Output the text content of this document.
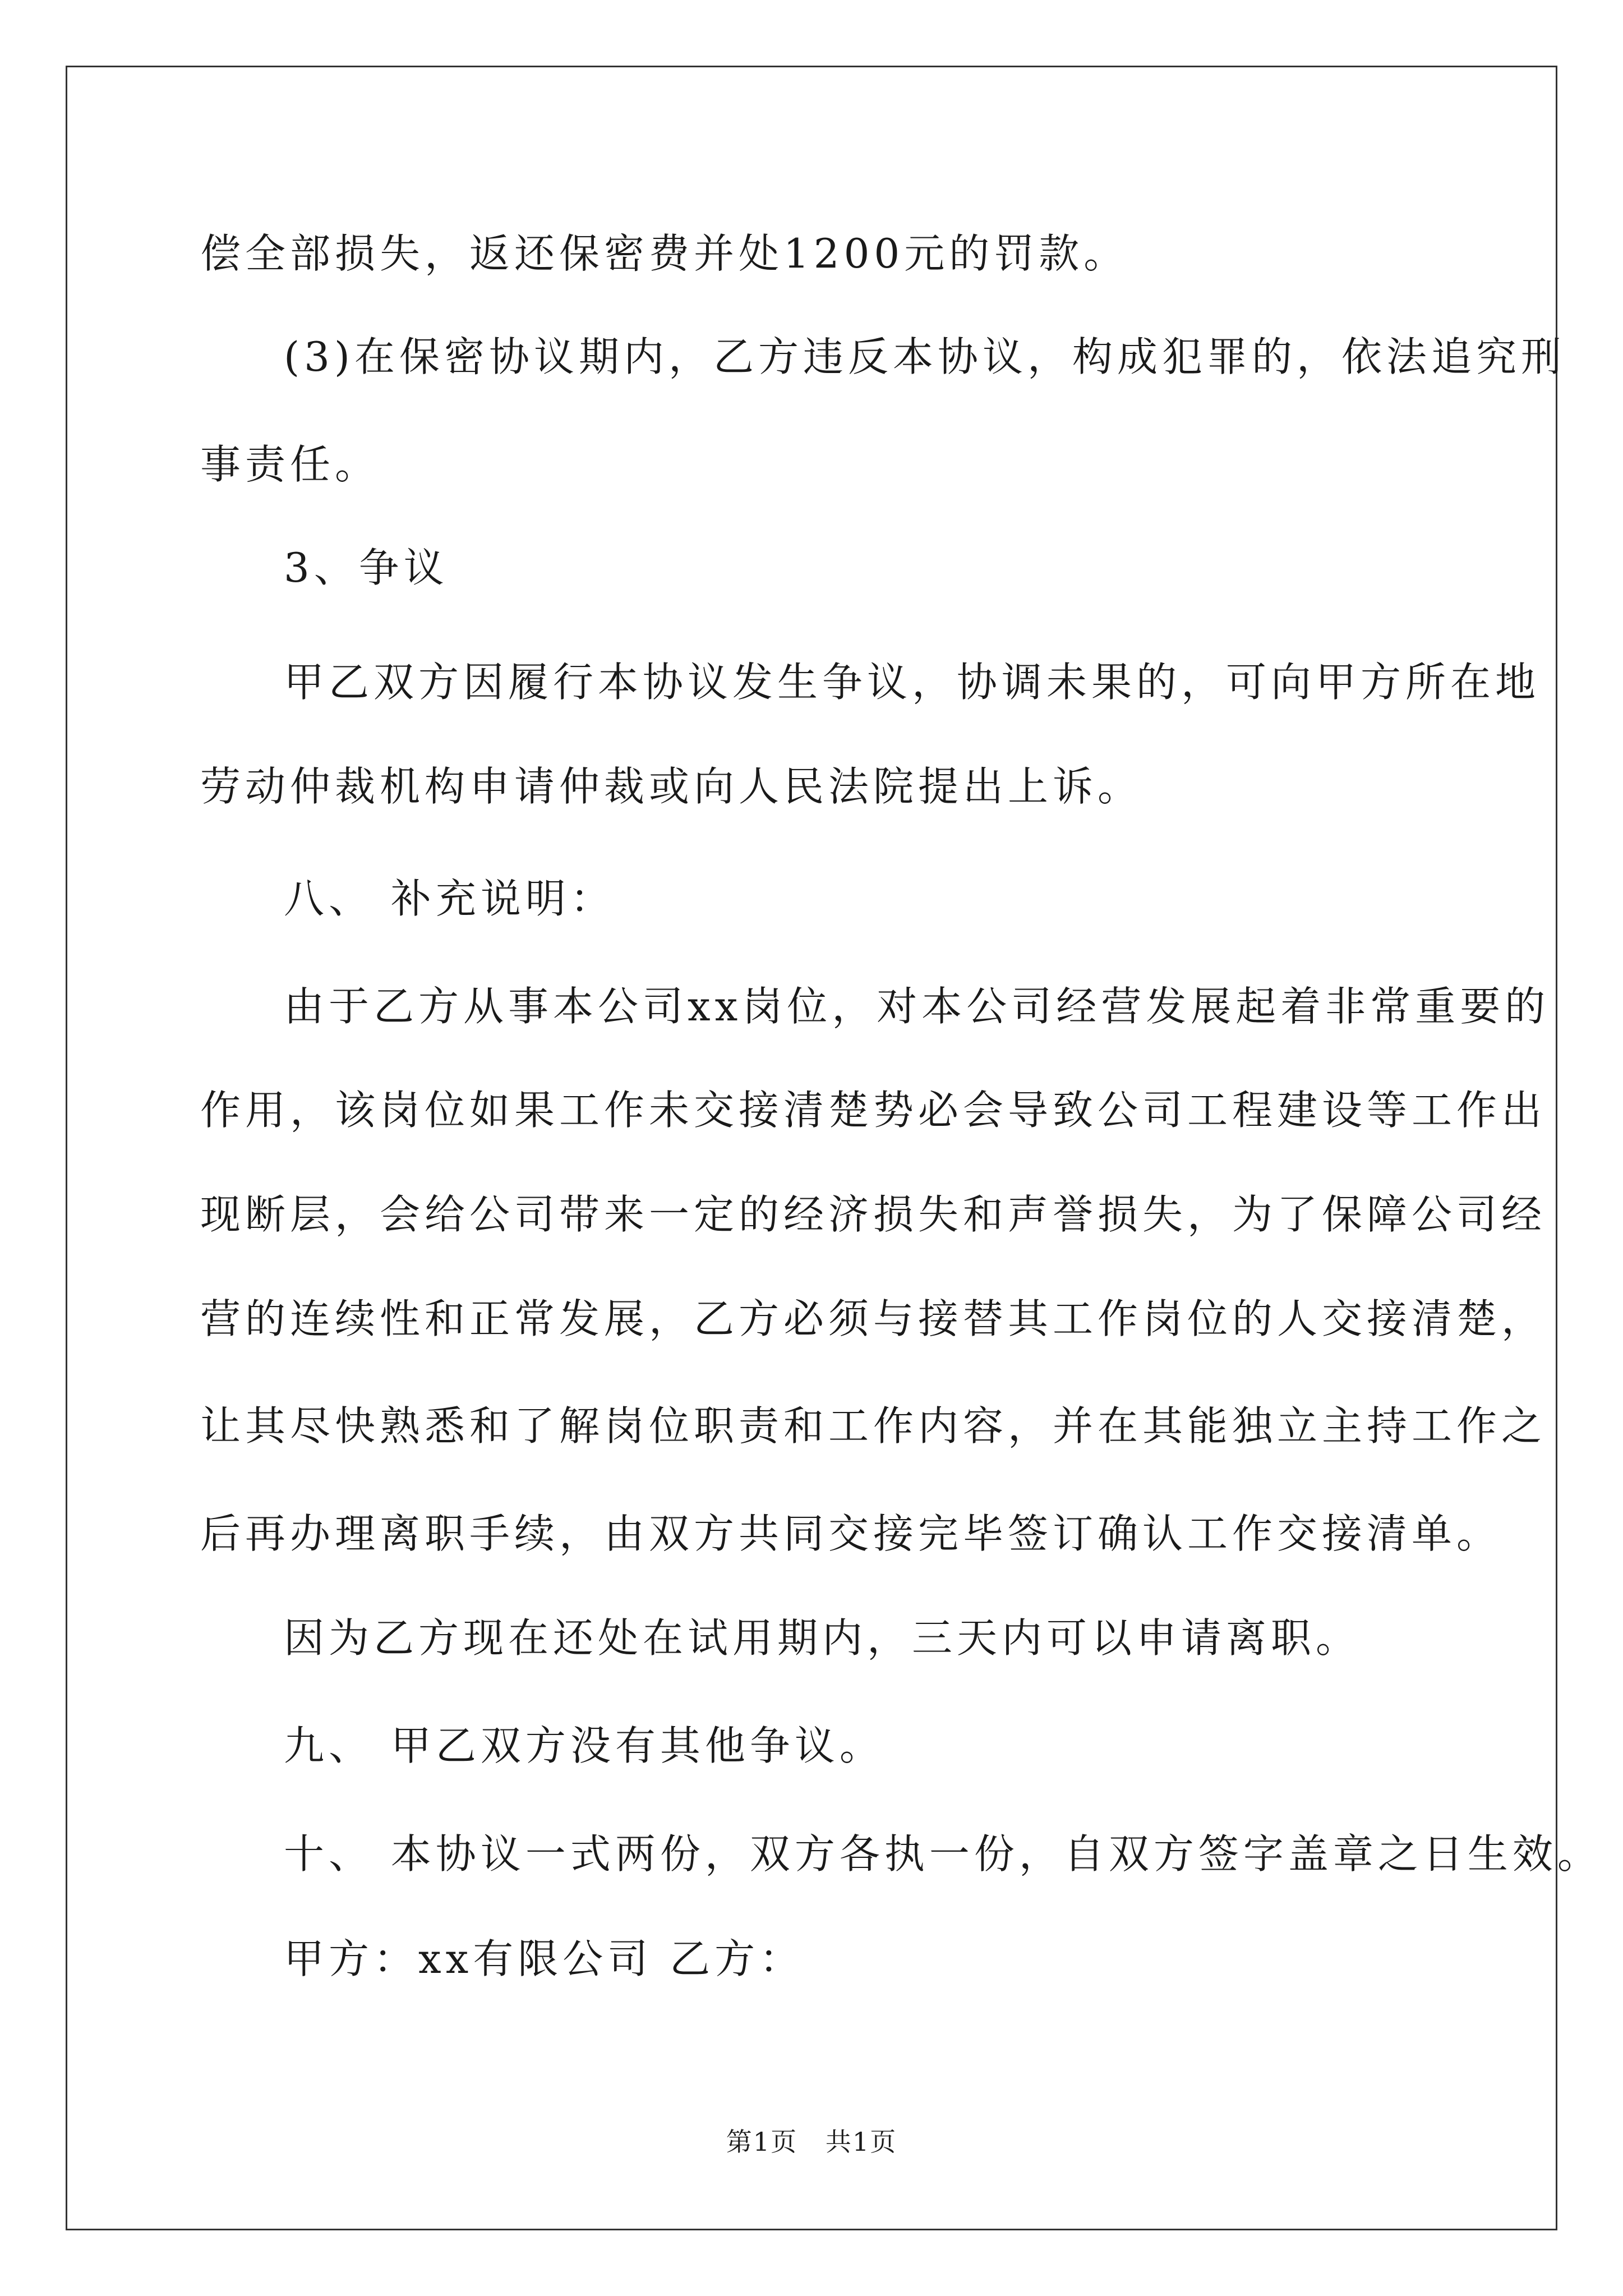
偿全部损失，返还保密费并处1200元的罚款。
(3)在保密协议期内，乙方违反本协议，构成犯罪的，依法追究刑
事责任。
3、争议
甲乙双方因履行本协议发生争议，协调未果的，可向甲方所在地
劳动仲裁机构申请仲裁或向人民法院提出上诉。
八、 补充说明：
由于乙方从事本公司xx岗位，对本公司经营发展起着非常重要的
作用，该岗位如果工作未交接清楚势必会导致公司工程建设等工作出
现断层，会给公司带来一定的经济损失和声誉损失，为了保障公司经
营的连续性和正常发展，乙方必须与接替其工作岗位的人交接清楚，
让其尽快熟悉和了解岗位职责和工作内容，并在其能独立主持工作之
后再办理离职手续，由双方共同交接完毕签订确认工作交接清单。
因为乙方现在还处在试用期内，三天内可以申请离职。
九、 甲乙双方没有其他争议。
十、 本协议一式两份，双方各执一份，自双方签字盖章之日生效。
甲方：xx有限公司 乙方：
第1页   共1页
